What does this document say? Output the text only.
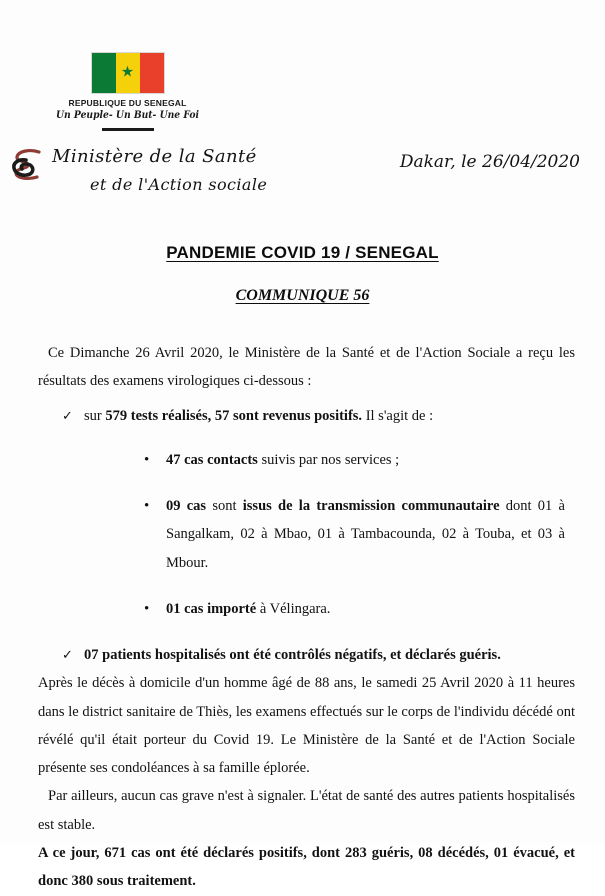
★
REPUBLIQUE DU SENEGAL
Un Peuple- Un But- Une Foi
Ministère de la Santé
et de l'Action sociale
Dakar, le 26/04/2020
PANDEMIE COVID 19 / SENEGAL
COMMUNIQUE 56

Ce Dimanche 26 Avril 2020, le Ministère de la Santé et de l'Action Sociale a reçu les résultats des examens virologiques ci-dessous :

✓ sur 579 tests réalisés, 57 sont revenus positifs. Il s'agit de :
•	47 cas contacts suivis par nos services ;
•	09 cas sont issus de la transmission communautaire dont 01 à Sangalkam, 02 à Mbao, 01 à Tambacounda, 02 à Touba, et 03 à Mbour.
•	01 cas importé à Vélingara.
✓ 07 patients hospitalisés ont été contrôlés négatifs, et déclarés guéris.

Après le décès à domicile d'un homme âgé de 88 ans, le samedi 25 Avril 2020 à 11 heures dans le district sanitaire de Thiès, les examens effectués sur le corps de l'individu décédé ont révélé qu'il était porteur du Covid 19. Le Ministère de la Santé et de l'Action Sociale présente ses condoléances à sa famille éplorée.

Par ailleurs, aucun cas grave n'est à signaler. L'état de santé des autres patients hospitalisés est stable.

A ce jour, 671 cas ont été déclarés positifs, dont 283 guéris, 08 décédés, 01 évacué, et donc 380 sous traitement.
